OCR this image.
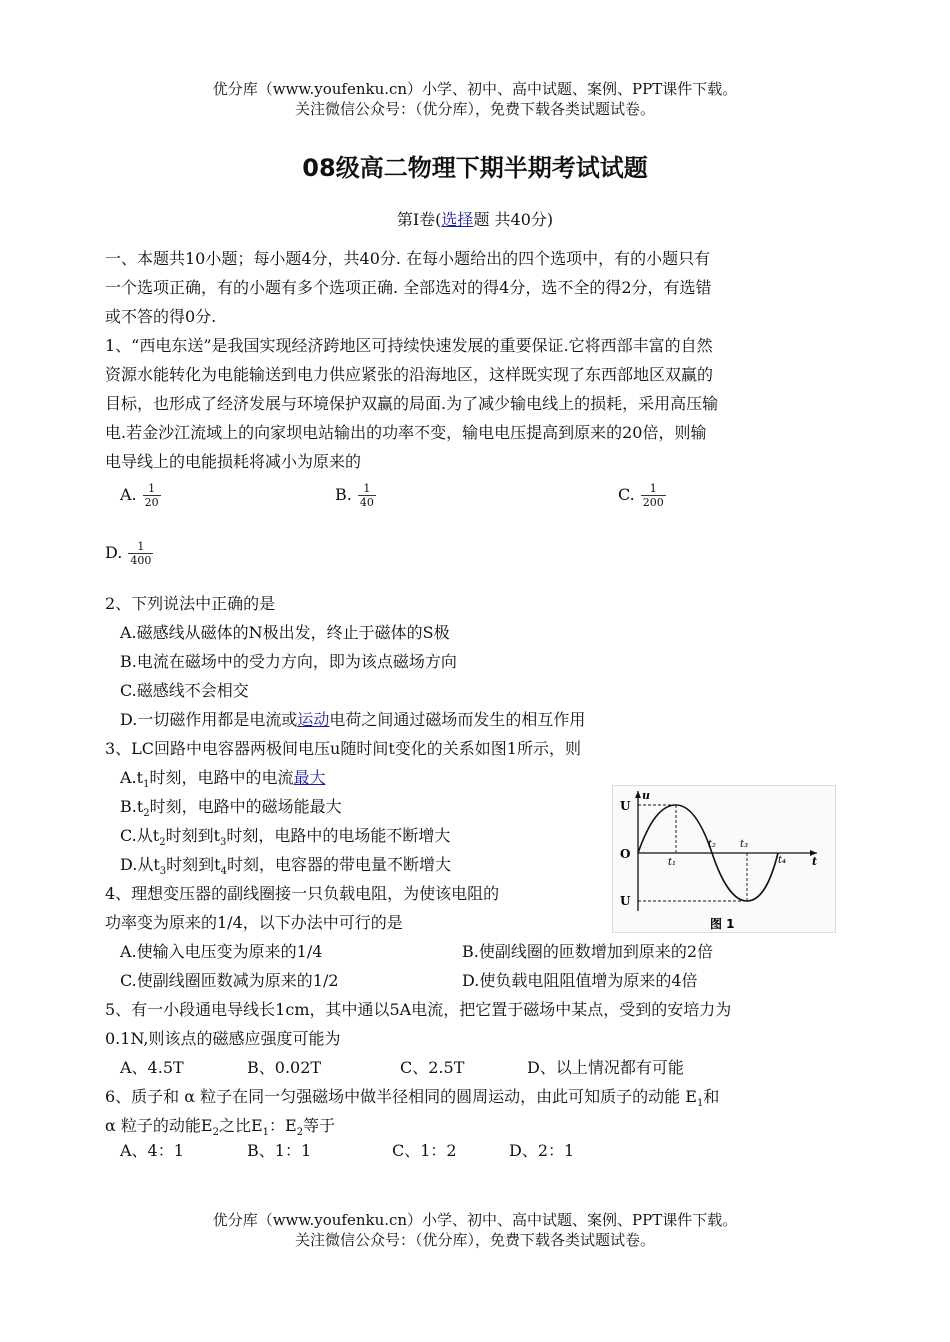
优分库（www.youfenku.cn）小学、初中、高中试题、案例、PPT课件下载。
关注微信公众号：（优分库），免费下载各类试题试卷。
08级高二物理下期半期考试试题
第Ⅰ卷(选择题 共40分)
一、本题共10小题；每小题4分，共40分. 在每小题给出的四个选项中，有的小题只有
一个选项正确，有的小题有多个选项正确. 全部选对的得4分，选不全的得2分，有选错
或不答的得0分.
1、“西电东送”是我国实现经济跨地区可持续快速发展的重要保证.它将西部丰富的自然
资源水能转化为电能输送到电力供应紧张的沿海地区，这样既实现了东西部地区双赢的
目标，也形成了经济发展与环境保护双赢的局面.为了减少输电线上的损耗，采用高压输
电.若金沙江流域上的向家坝电站输出的功率不变，输电电压提高到原来的20倍，则输
电导线上的电能损耗将减小为原来的
A. $\frac{1}{20}$	B. $\frac{1}{40}$	C. $\frac{1}{200}$
D. $\frac{1}{400}$
2、下列说法中正确的是
A.磁感线从磁体的N极出发，终止于磁体的S极
B.电流在磁场中的受力方向，即为该点磁场方向
C.磁感线不会相交
D.一切磁作用都是电流或运动电荷之间通过磁场而发生的相互作用
3、LC回路中电容器两极间电压u随时间t变化的关系如图1所示，则
$A.t_1$时刻，电路中的电流最大
$B.t_2$时刻，电路中的磁场能最大
C.从$t_2$时刻到$t_3$时刻，电路中的电场能不断增大
D.从$t_3$时刻到$t_4$时刻，电容器的带电量不断增大
u
t
U
O
U
t₁
t₂ t₃
t₄
图 1
4、理想变压器的副线圈接一只负载电阻，为使该电阻的
功率变为原来的1/4，以下办法中可行的是
A.使输入电压变为原来的1/4	B.使副线圈的匝数增加到原来的2倍
C.使副线圈匝数减为原来的1/2	D.使负载电阻阻值增为原来的4倍
5、有一小段通电导线长1cm，其中通以5A电流，把它置于磁场中某点，受到的安培力为
0.1N,则该点的磁感应强度可能为
A、4.5T	B、0.02T	C、2.5T	D、以上情况都有可能
6、质子和 α 粒子在同一匀强磁场中做半径相同的圆周运动，由此可知质子的动能 $E_1$和
α 粒子的动能$E_2$之比$E_1$：$E_2$等于
A、4：1	B、1：1	C、1：2	D、2：1
优分库（www.youfenku.cn）小学、初中、高中试题、案例、PPT课件下载。
关注微信公众号：（优分库），免费下载各类试题试卷。
